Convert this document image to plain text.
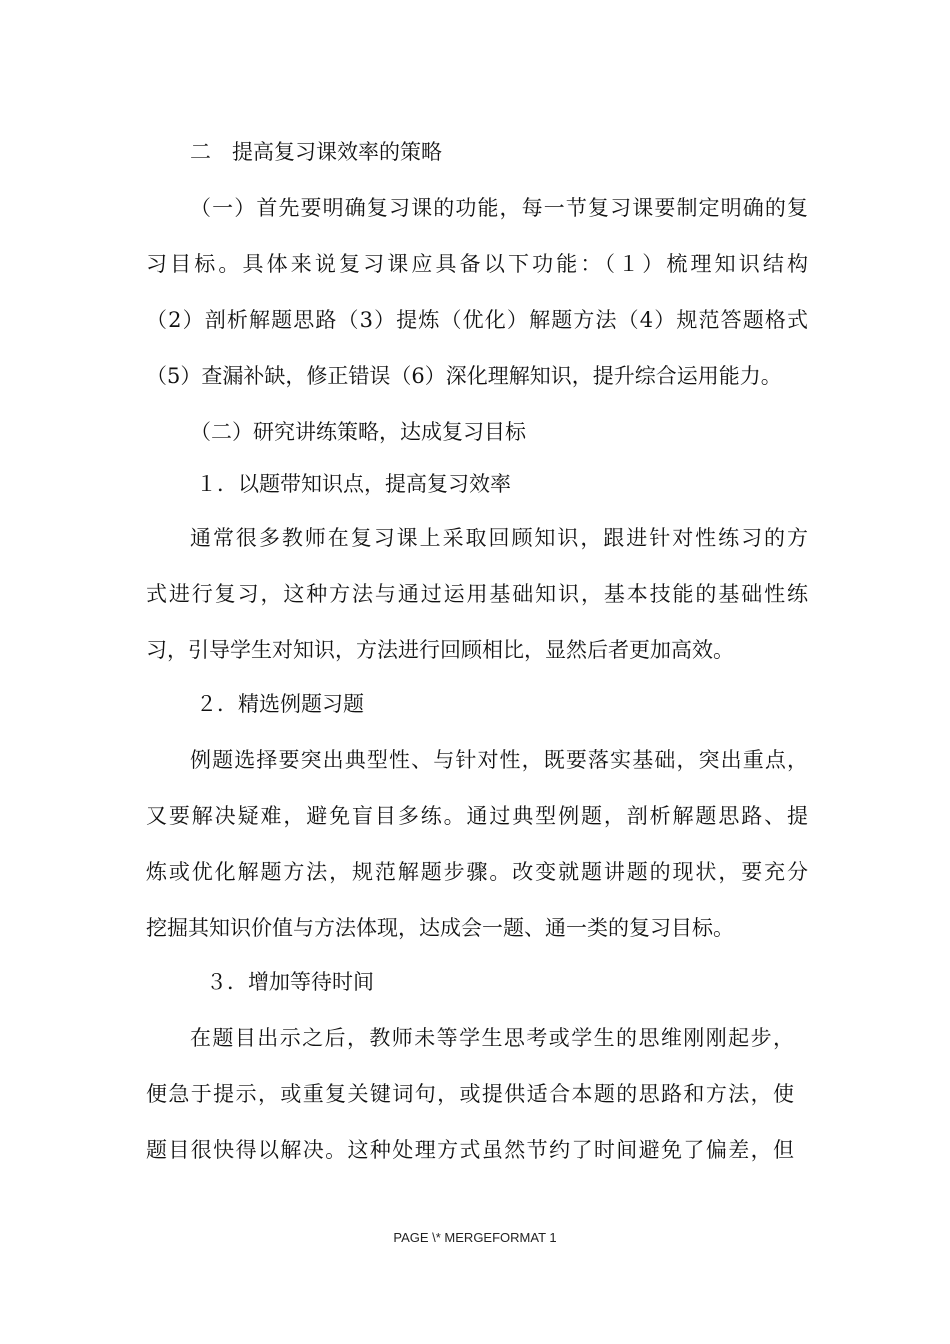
二　提高复习课效率的策略
（一）首先要明确复习课的功能，每一节复习课要制定明确的复
习目标。具体来说复习课应具备以下功能：（１）梳理知识结构
（2）剖析解题思路（3）提炼（优化）解题方法（4）规范答题格式
（5）查漏补缺，修正错误（6）深化理解知识，提升综合运用能力。
（二）研究讲练策略，达成复习目标
１．以题带知识点，提高复习效率
通常很多教师在复习课上采取回顾知识，跟进针对性练习的方
式进行复习，这种方法与通过运用基础知识，基本技能的基础性练
习，引导学生对知识，方法进行回顾相比，显然后者更加高效。
２．精选例题习题
例题选择要突出典型性、与针对性，既要落实基础，突出重点，
又要解决疑难，避免盲目多练。通过典型例题，剖析解题思路、提
炼或优化解题方法，规范解题步骤。改变就题讲题的现状，要充分
挖掘其知识价值与方法体现，达成会一题、通一类的复习目标。
３．增加等待时间
在题目出示之后，教师未等学生思考或学生的思维刚刚起步，
便急于提示，或重复关键词句，或提供适合本题的思路和方法，使
题目很快得以解决。这种处理方式虽然节约了时间避免了偏差，但
PAGE \* MERGEFORMAT 1
